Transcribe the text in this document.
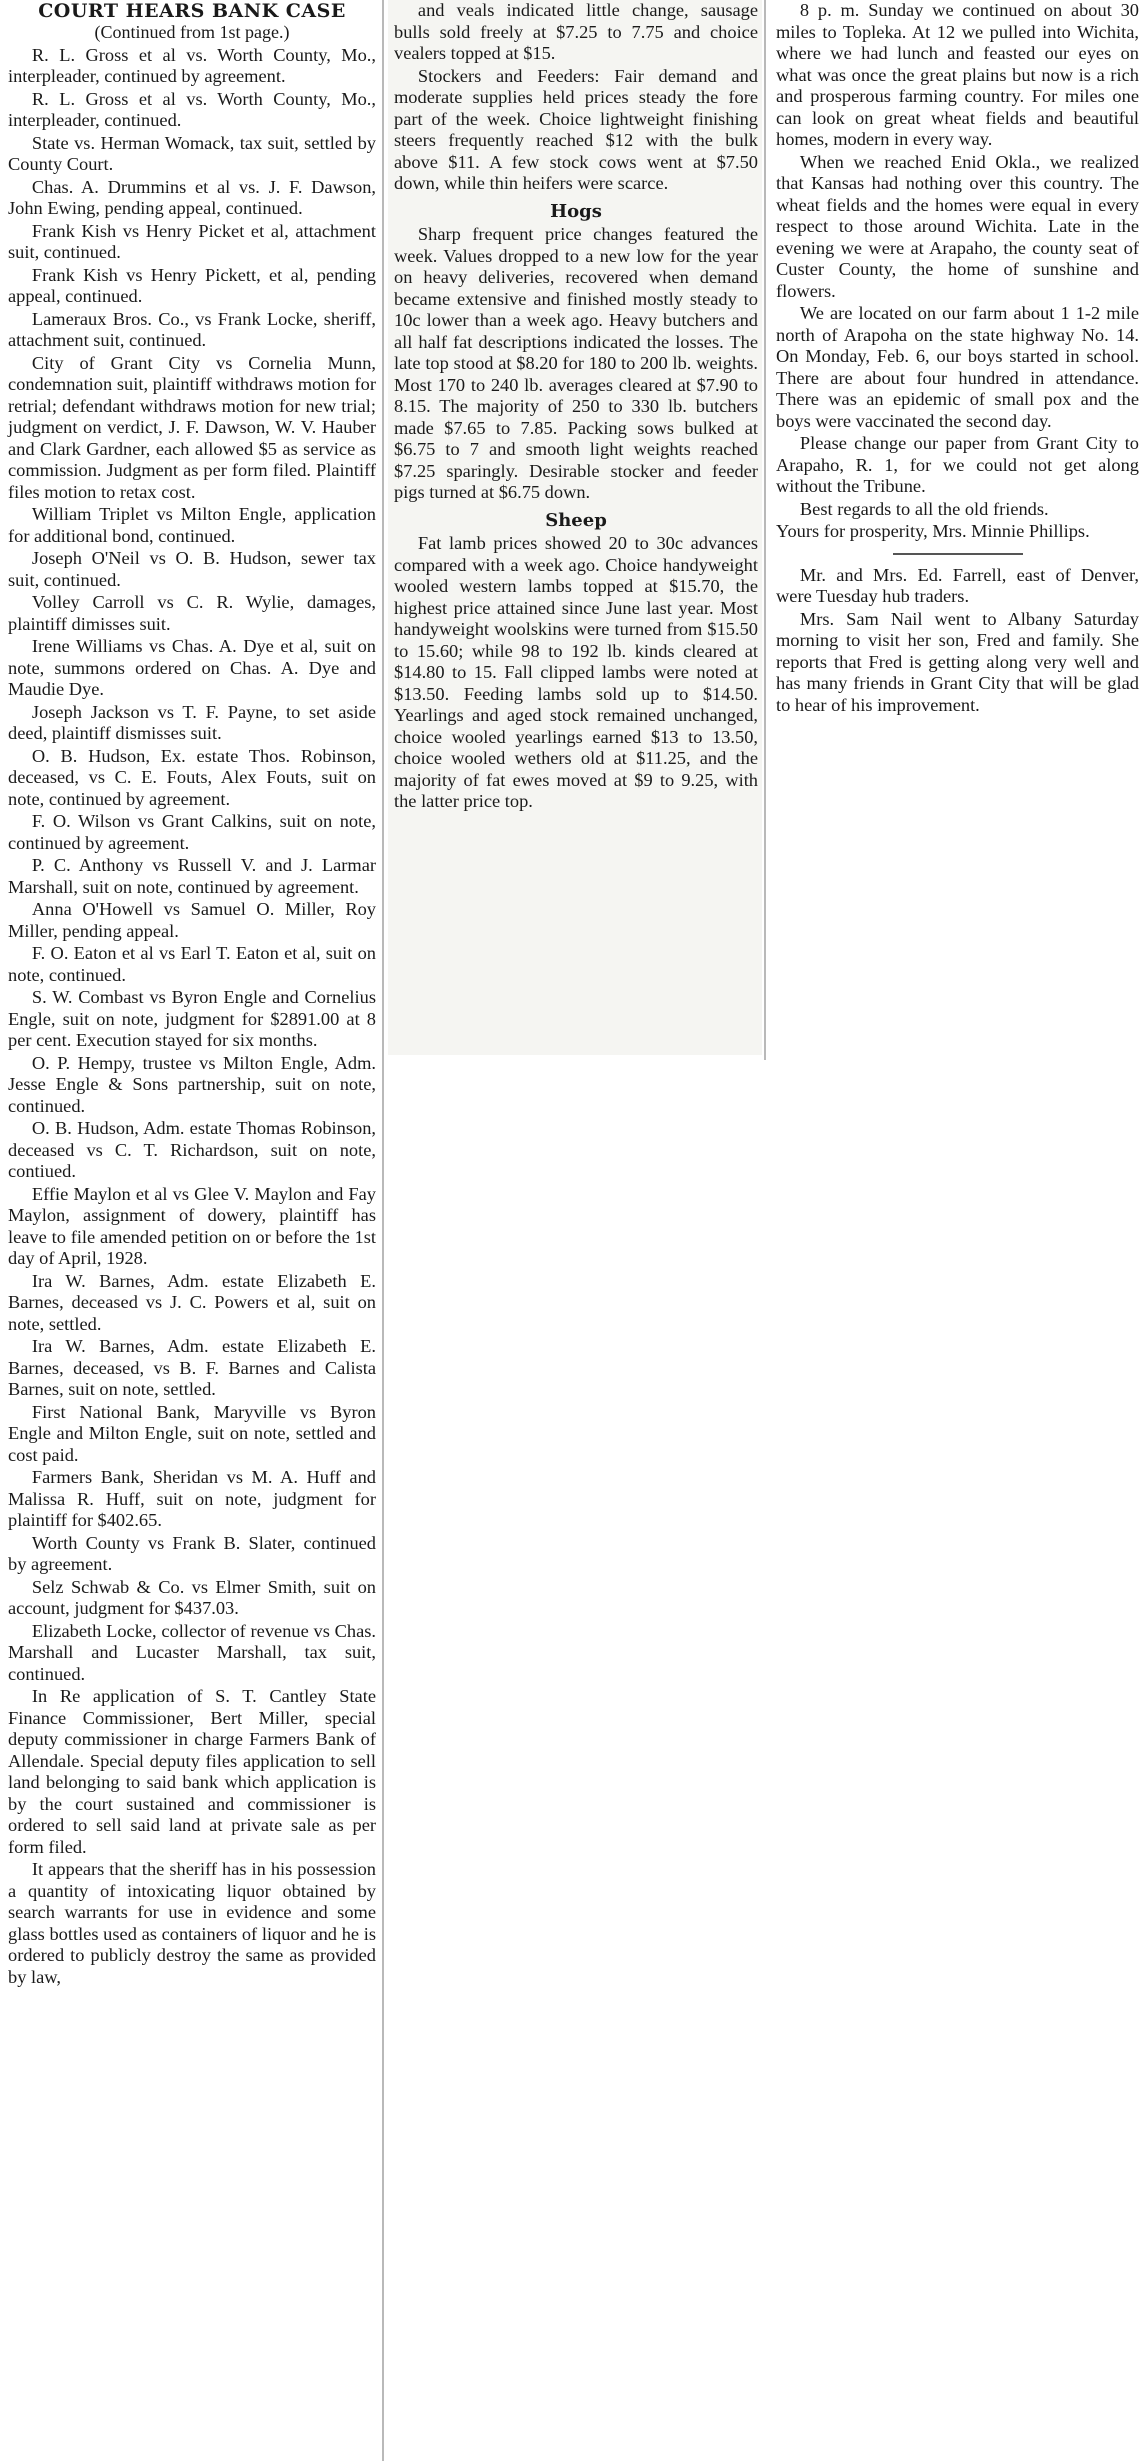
COURT HEARS BANK CASE
(Continued from 1st page.)

R. L. Gross et al vs. Worth County, Mo., interpleader, continued by agreement.

R. L. Gross et al vs. Worth County, Mo., interpleader, continued.

State vs. Herman Womack, tax suit, settled by County Court.

Chas. A. Drummins et al vs. J. F. Dawson, John Ewing, pending appeal, continued.

Frank Kish vs Henry Picket et al, attachment suit, continued.

Frank Kish vs Henry Pickett, et al, pending appeal, continued.

Lameraux Bros. Co., vs Frank Locke, sheriff, attachment suit, continued.

City of Grant City vs Cornelia Munn, condemnation suit, plaintiff withdraws motion for retrial; defendant withdraws motion for new trial; judgment on verdict, J. F. Dawson, W. V. Hauber and Clark Gardner, each allowed $5 as service as commission. Judgment as per form filed. Plaintiff files motion to retax cost.

William Triplet vs Milton Engle, application for additional bond, continued.

Joseph O'Neil vs O. B. Hudson, sewer tax suit, continued.

Volley Carroll vs C. R. Wylie, damages, plaintiff dimisses suit.

Irene Williams vs Chas. A. Dye et al, suit on note, summons ordered on Chas. A. Dye and Maudie Dye.

Joseph Jackson vs T. F. Payne, to set aside deed, plaintiff dismisses suit.

O. B. Hudson, Ex. estate Thos. Robinson, deceased, vs C. E. Fouts, Alex Fouts, suit on note, continued by agreement.

F. O. Wilson vs Grant Calkins, suit on note, continued by agreement.

P. C. Anthony vs Russell V. and J. Larmar Marshall, suit on note, continued by agreement.

Anna O'Howell vs Samuel O. Miller, Roy Miller, pending appeal.

F. O. Eaton et al vs Earl T. Eaton et al, suit on note, continued.

S. W. Combast vs Byron Engle and Cornelius Engle, suit on note, judgment for $2891.00 at 8 per cent. Execution stayed for six months.

O. P. Hempy, trustee vs Milton Engle, Adm. Jesse Engle & Sons partnership, suit on note, continued.

O. B. Hudson, Adm. estate Thomas Robinson, deceased vs C. T. Richardson, suit on note, contiued.

Effie Maylon et al vs Glee V. Maylon and Fay Maylon, assignment of dowery, plaintiff has leave to file amended petition on or before the 1st day of April, 1928.

Ira W. Barnes, Adm. estate Elizabeth E. Barnes, deceased vs J. C. Powers et al, suit on note, settled.

Ira W. Barnes, Adm. estate Elizabeth E. Barnes, deceased, vs B. F. Barnes and Calista Barnes, suit on note, settled.

First National Bank, Maryville vs Byron Engle and Milton Engle, suit on note, settled and cost paid.

Farmers Bank, Sheridan vs M. A. Huff and Malissa R. Huff, suit on note, judgment for plaintiff for $402.65.

Worth County vs Frank B. Slater, continued by agreement.

Selz Schwab & Co. vs Elmer Smith, suit on account, judgment for $437.03.

Elizabeth Locke, collector of revenue vs Chas. Marshall and Lucaster Marshall, tax suit, continued.

In Re application of S. T. Cantley State Finance Commissioner, Bert Miller, special deputy commissioner in charge Farmers Bank of Allendale. Special deputy files application to sell land belonging to said bank which application is by the court sustained and commissioner is ordered to sell said land at private sale as per form filed.

It appears that the sheriff has in his possession a quantity of intoxicating liquor obtained by search warrants for use in evidence and some glass bottles used as containers of liquor and he is ordered to publicly destroy the same as provided by law,

and veals indicated little change, sausage bulls sold freely at $7.25 to 7.75 and choice vealers topped at $15.

Stockers and Feeders: Fair demand and moderate supplies held prices steady the fore part of the week. Choice lightweight finishing steers frequently reached $12 with the bulk above $11. A few stock cows went at $7.50 down, while thin heifers were scarce.

Hogs

Sharp frequent price changes featured the week. Values dropped to a new low for the year on heavy deliveries, recovered when demand became extensive and finished mostly steady to 10c lower than a week ago. Heavy butchers and all half fat descriptions indicated the losses. The late top stood at $8.20 for 180 to 200 lb. weights. Most 170 to 240 lb. averages cleared at $7.90 to 8.15. The majority of 250 to 330 lb. butchers made $7.65 to 7.85. Packing sows bulked at $6.75 to 7 and smooth light weights reached $7.25 sparingly. Desirable stocker and feeder pigs turned at $6.75 down.

Sheep

Fat lamb prices showed 20 to 30c advances compared with a week ago. Choice handyweight wooled western lambs topped at $15.70, the highest price attained since June last year. Most handyweight woolskins were turned from $15.50 to 15.60; while 98 to 192 lb. kinds cleared at $14.80 to 15. Fall clipped lambs were noted at $13.50. Feeding lambs sold up to $14.50. Yearlings and aged stock remained unchanged, choice wooled yearlings earned $13 to 13.50, choice wooled wethers old at $11.25, and the majority of fat ewes moved at $9 to 9.25, with the latter price top.

8 p. m. Sunday we continued on about 30 miles to Topleka. At 12 we pulled into Wichita, where we had lunch and feasted our eyes on what was once the great plains but now is a rich and prosperous farming country. For miles one can look on great wheat fields and beautiful homes, modern in every way.

When we reached Enid Okla., we realized that Kansas had nothing over this country. The wheat fields and the homes were equal in every respect to those around Wichita. Late in the evening we were at Arapaho, the county seat of Custer County, the home of sunshine and flowers.

We are located on our farm about 1 1-2 mile north of Arapoha on the state highway No. 14. On Monday, Feb. 6, our boys started in school. There are about four hundred in attendance. There was an epidemic of small pox and the boys were vaccinated the second day.

Please change our paper from Grant City to Arapaho, R. 1, for we could not get along without the Tribune.

Best regards to all the old friends.

Yours for prosperity, Mrs. Minnie Phillips.

Mr. and Mrs. Ed. Farrell, east of Denver, were Tuesday hub traders.

Mrs. Sam Nail went to Albany Saturday morning to visit her son, Fred and family. She reports that Fred is getting along very well and has many friends in Grant City that will be glad to hear of his improvement.
